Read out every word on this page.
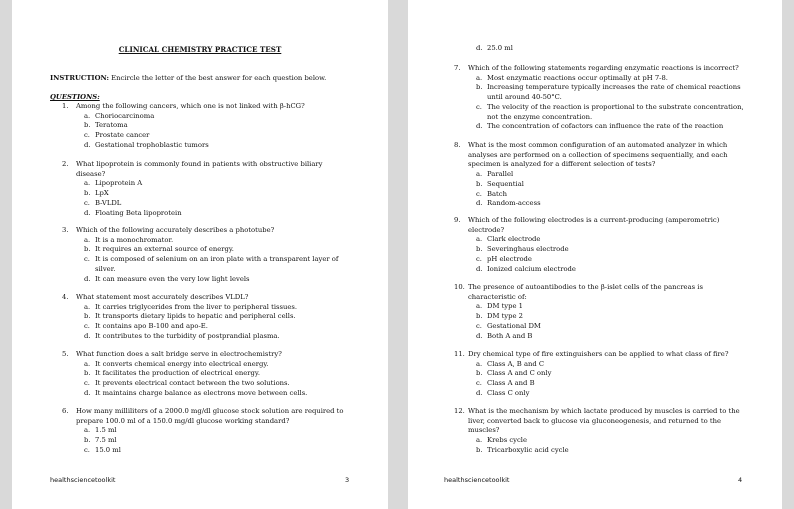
CLINICAL CHEMISTRY PRACTICE TEST
INSTRUCTION: Encircle the letter of the best answer for each question below.
QUESTIONS:
1. Among the following cancers, which one is not linked with β-hCG?
a. Choriocarcinoma
b. Teratoma
c. Prostate cancer
d. Gestational trophoblastic tumors
2. What lipoprotein is commonly found in patients with obstructive biliary disease?
a. Lipoprotein A
b. LpX
c. B-VLDL
d. Floating Beta lipoprotein
3. Which of the following accurately describes a phototube?
a. It is a monochromator.
b. It requires an external source of energy.
c. It is composed of selenium on an iron plate with a transparent layer of silver.
d. It can measure even the very low light levels
4. What statement most accurately describes VLDL?
a. It carries triglycerides from the liver to peripheral tissues.
b. It transports dietary lipids to hepatic and peripheral cells.
c. It contains apo B-100 and apo-E.
d. It contributes to the turbidity of postprandial plasma.
5. What function does a salt bridge serve in electrochemistry?
a. It converts chemical energy into electrical energy.
b. It facilitates the production of electrical energy.
c. It prevents electrical contact between the two solutions.
d. It maintains charge balance as electrons move between cells.
6. How many milliliters of a 2000.0 mg/dl glucose stock solution are required to prepare 100.0 ml of a 150.0 mg/dl glucose working standard?
a. 1.5 ml
b. 7.5 ml
c. 15.0 ml
healthsciencetoolkit	3
d. 25.0 ml
7. Which of the following statements regarding enzymatic reactions is incorrect?
a. Most enzymatic reactions occur optimally at pH 7-8.
b. Increasing temperature typically increases the rate of chemical reactions until around 40-50°C.
c. The velocity of the reaction is proportional to the substrate concentration, not the enzyme concentration.
d. The concentration of cofactors can influence the rate of the reaction
8. What is the most common configuration of an automated analyzer in which analyses are performed on a collection of specimens sequentially, and each specimen is analyzed for a different selection of tests?
a. Parallel
b. Sequential
c. Batch
d. Random-access
9. Which of the following electrodes is a current-producing (amperometric) electrode?
a. Clark electrode
b. Severinghaus electrode
c. pH electrode
d. Ionized calcium electrode
10. The presence of autoantibodies to the β-islet cells of the pancreas is characteristic of:
a. DM type 1
b. DM type 2
c. Gestational DM
d. Both A and B
11. Dry chemical type of fire extinguishers can be applied to what class of fire?
a. Class A, B and C
b. Class A and C only
c. Class A and B
d. Class C only
12. What is the mechanism by which lactate produced by muscles is carried to the liver, converted back to glucose via gluconeogenesis, and returned to the muscles?
a. Krebs cycle
b. Tricarboxylic acid cycle
healthsciencetoolkit	4
